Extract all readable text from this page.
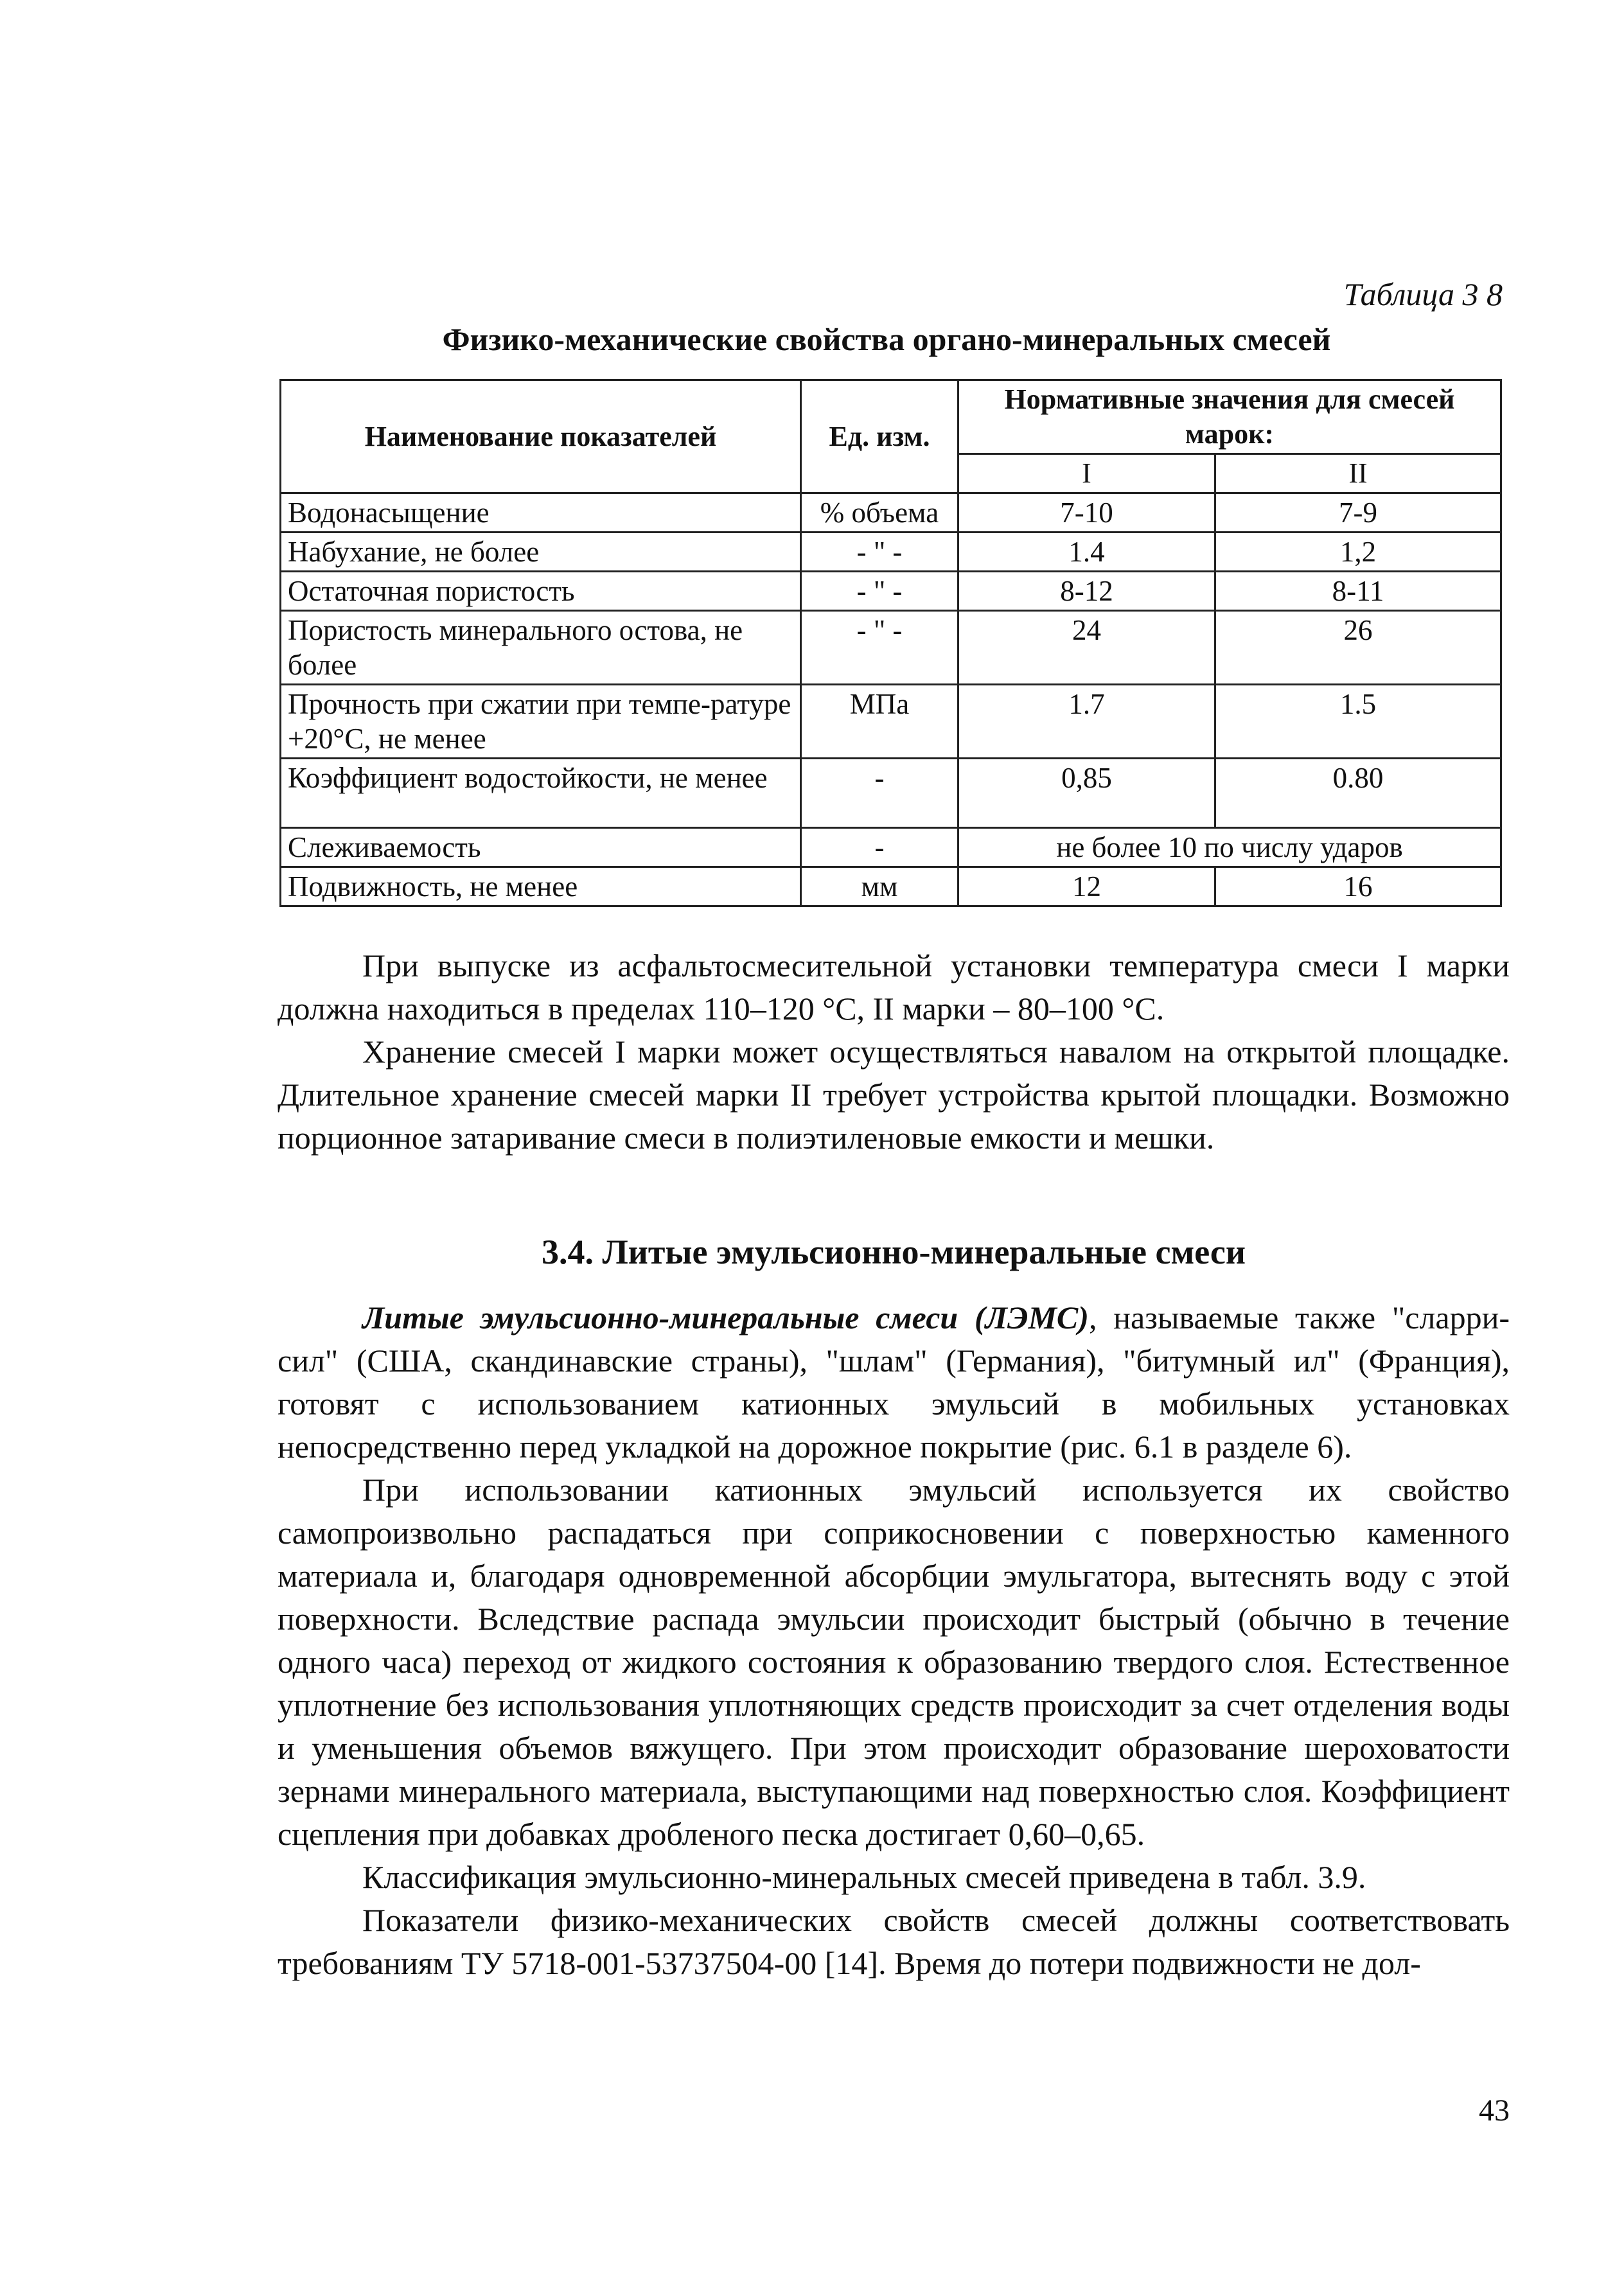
Таблица 3 8
Физико-механические свойства органо-минеральных смесей
Наименование показателей	Ед. изм.	Нормативные значения для смесей марок:	
		I	II
Водонасыщение	% объема	7-10	7-9
Набухание, не более	- " -	1.4	1,2
Остаточная пористость	- " -	8-12	8-11
Пористость минерального остова, не более	- " -	24	26
Прочность при сжатии при темпе-ратуре +20°С, не менее	МПа	1.7	1.5
Коэффициент водостойкости, не менее	-	0,85	0.80
Слеживаемость	-	не более 10 по числу ударов	
Подвижность, не менее	мм	12	16

При выпуске из асфальтосмесительной установки температура смеси I марки должна находиться в пределах 110–120 °С, II марки – 80–100 °С.

Хранение смесей I марки может осуществляться навалом на открытой площадке. Длительное хранение смесей марки II требует устройства крытой площадки. Возможно порционное затаривание смеси в полиэтиленовые емкости и мешки.

3.4. Литые эмульсионно-минеральные смеси

Литые эмульсионно-минеральные смеси (ЛЭМС), называемые также "сларри-сил" (США, скандинавские страны), "шлам" (Германия), "битумный ил" (Франция), готовят с использованием катионных эмульсий в мобильных установках непосредственно перед укладкой на дорожное покрытие (рис. 6.1 в разделе 6).

При использовании катионных эмульсий используется их свойство самопроизвольно распадаться при соприкосновении с поверхностью каменного материала и, благодаря одновременной абсорбции эмульгатора, вытеснять воду с этой поверхности. Вследствие распада эмульсии происходит быстрый (обычно в течение одного часа) переход от жидкого состояния к образованию твердого слоя. Естественное уплотнение без использования уплотняющих средств происходит за счет отделения воды и уменьшения объемов вяжущего. При этом происходит образование шероховатости зернами минерального материала, выступающими над поверхностью слоя. Коэффициент сцепления при добавках дробленого песка достигает 0,60–0,65.

Классификация эмульсионно-минеральных смесей приведена в табл. 3.9.

Показатели физико-механических свойств смесей должны соответствовать требованиям ТУ 5718-001-53737504-00 [14]. Время до потери подвижности не дол-

43
